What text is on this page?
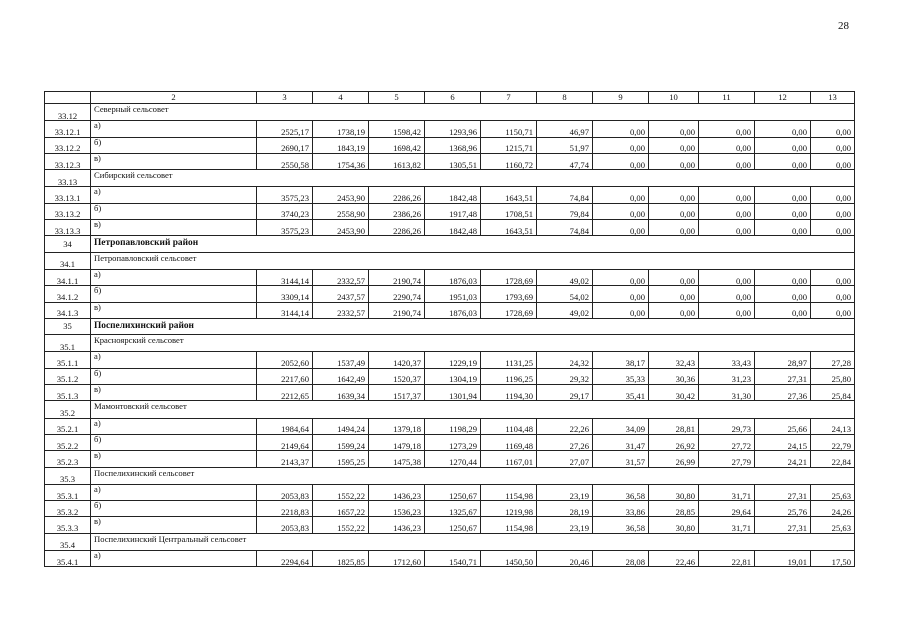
28
	2	3	4	5	6	7	8	9	10	11	12	13
33.12	Северный сельсовет											
33.12.1	а)	2525,17	1738,19	1598,42	1293,96	1150,71	46,97	0,00	0,00	0,00	0,00	0,00
33.12.2	б)	2690,17	1843,19	1698,42	1368,96	1215,71	51,97	0,00	0,00	0,00	0,00	0,00
33.12.3	в)	2550,58	1754,36	1613,82	1305,51	1160,72	47,74	0,00	0,00	0,00	0,00	0,00
33.13	Сибирский сельсовет											
33.13.1	а)	3575,23	2453,90	2286,26	1842,48	1643,51	74,84	0,00	0,00	0,00	0,00	0,00
33.13.2	б)	3740,23	2558,90	2386,26	1917,48	1708,51	79,84	0,00	0,00	0,00	0,00	0,00
33.13.3	в)	3575,23	2453,90	2286,26	1842,48	1643,51	74,84	0,00	0,00	0,00	0,00	0,00
34	Петропавловский район											
34.1	Петропавловский сельсовет											
34.1.1	а)	3144,14	2332,57	2190,74	1876,03	1728,69	49,02	0,00	0,00	0,00	0,00	0,00
34.1.2	б)	3309,14	2437,57	2290,74	1951,03	1793,69	54,02	0,00	0,00	0,00	0,00	0,00
34.1.3	в)	3144,14	2332,57	2190,74	1876,03	1728,69	49,02	0,00	0,00	0,00	0,00	0,00
35	Поспелихинский район											
35.1	Красноярский сельсовет											
35.1.1	а)	2052,60	1537,49	1420,37	1229,19	1131,25	24,32	38,17	32,43	33,43	28,97	27,28
35.1.2	б)	2217,60	1642,49	1520,37	1304,19	1196,25	29,32	35,33	30,36	31,23	27,31	25,80
35.1.3	в)	2212,65	1639,34	1517,37	1301,94	1194,30	29,17	35,41	30,42	31,30	27,36	25,84
35.2	Мамонтовский сельсовет											
35.2.1	а)	1984,64	1494,24	1379,18	1198,29	1104,48	22,26	34,09	28,81	29,73	25,66	24,13
35.2.2	б)	2149,64	1599,24	1479,18	1273,29	1169,48	27,26	31,47	26,92	27,72	24,15	22,79
35.2.3	в)	2143,37	1595,25	1475,38	1270,44	1167,01	27,07	31,57	26,99	27,79	24,21	22,84
35.3	Поспелихинский сельсовет											
35.3.1	а)	2053,83	1552,22	1436,23	1250,67	1154,98	23,19	36,58	30,80	31,71	27,31	25,63
35.3.2	б)	2218,83	1657,22	1536,23	1325,67	1219,98	28,19	33,86	28,85	29,64	25,76	24,26
35.3.3	в)	2053,83	1552,22	1436,23	1250,67	1154,98	23,19	36,58	30,80	31,71	27,31	25,63
35.4	Поспелихинский Центральный сельсовет											
35.4.1	а)	2294,64	1825,85	1712,60	1540,71	1450,50	20,46	28,08	22,46	22,81	19,01	17,50
